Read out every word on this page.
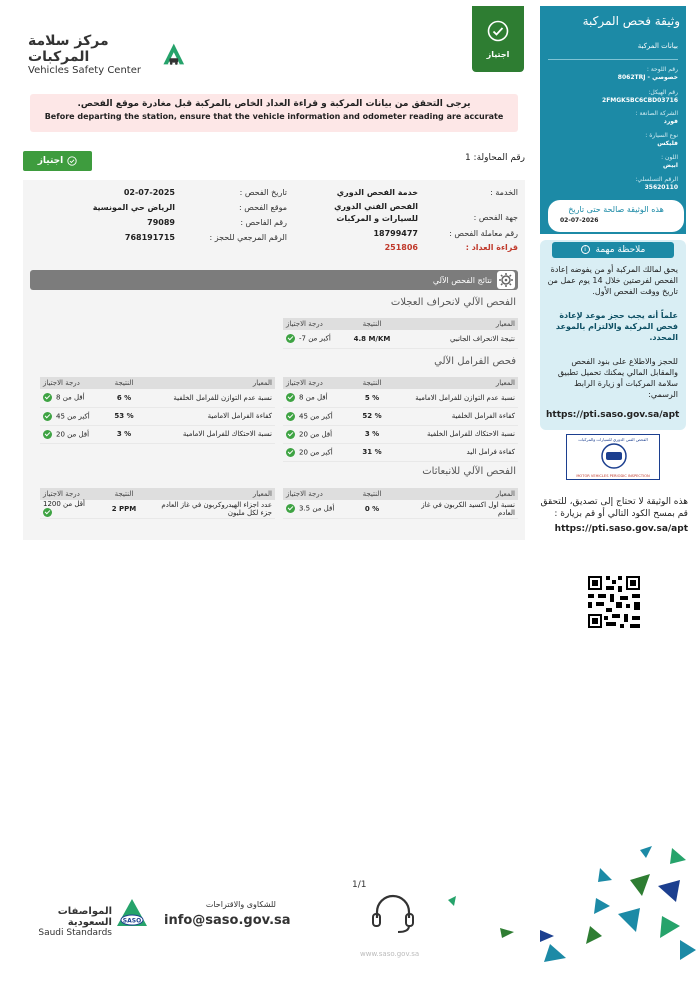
مركز سلامة المركبات
Vehicles Safety Center
اجتياز
يرجى التحقق من بيانات المركبة و قراءة العداد الخاص بالمركبة قبل مغادرة موقع الفحص.
Before departing the station, ensure that the vehicle information and odometer reading are accurate
اجتياز	رقم المحاولة: 1
الخدمة :
خدمة الفحص الدوري
جهة الفحص :
الفحص الفني الدوري للسيارات و المركبات
رقم معاملة الفحص :
18799477
قراءة العداد :
251806
تاريخ الفحص :
02-07-2025
موقع الفحص :
الرياض حي المونسية
رقم الفاحص :
79089
الرقم المرجعي للحجز :
768191715
نتائج الفحص الآلي
الفحص الآلي لانحراف العجلات
المعيار	النتيجة	درجة الاجتياز
نتيجة الانحراف الجانبي	4.8 M/KM	أكبر من 7-
فحص الفرامل الآلي
المعيار	النتيجة	درجة الاجتياز
نسبة عدم التوازن للفرامل الامامية	5 %	أقل من 8
كفاءة الفرامل الخلفية	52 %	أكبر من 45
نسبة الاحتكاك للفرامل الخلفية	3 %	أقل من 20
كفاءة فرامل اليد	31 %	أكبر من 20
المعيار	النتيجة	درجة الاجتياز
نسبة عدم التوازن للفرامل الخلفية	6 %	أقل من 8
كفاءة الفرامل الامامية	53 %	أكبر من 45
نسبة الاحتكاك للفرامل الامامية	3 %	أقل من 20
الفحص الآلي للانبعاثات
المعيار	النتيجة	درجة الاجتياز
نسبة اول اكسيد الكربون في غاز العادم	0 %	أقل من 3.5
المعيار	النتيجة	درجة الاجتياز
عدد اجزاء الهيدروكربون في غاز العادم جزء لكل مليون	2 PPM	أقل من 1200
وثيقة فحص المركبة
بيانات المركبة
رقم اللوحة :
خصوصي - 8062TRJ
رقم الهيكل:
2FMGK5BC6CBD03716
الشركة الصانعة :
فورد
نوع السيارة :
فليكس
اللون :
ابيض
الرقم التسلسلي:
35620110
هذه الوثيقة صالحة حتى تاريخ
02-07-2026
ملاحظة مهمة i
يحق لمالك المركبة أو من يفوضه إعادة الفحص لفرصتين خلال 14 يوم عمل من تاريخ ووقت الفحص الأول.
علماً أنه يجب حجز موعد لإعادة فحص المركبة والالتزام بالموعد المحدد.
للحجز والاطلاع على بنود الفحص والمقابل المالي يمكنك تحميل تطبيق سلامة المركبات أو زيارة الرابط الرسمي:
https://pti.saso.gov.sa/apt
الفحص الفني الدوري للسيارات والمركبات
MOTOR VEHICLES PERIODIC INSPECTION
هذه الوثيقة لا تحتاج إلى تصديق، للتحقق قم بمسح الكود التالي أو قم بزيارة :
https://pti.saso.gov.sa/apt
SASO
المواصفات السعودية
Saudi Standards
للشكاوى والاقتراحات
info@saso.gov.sa
1/1
www.saso.gov.sa
